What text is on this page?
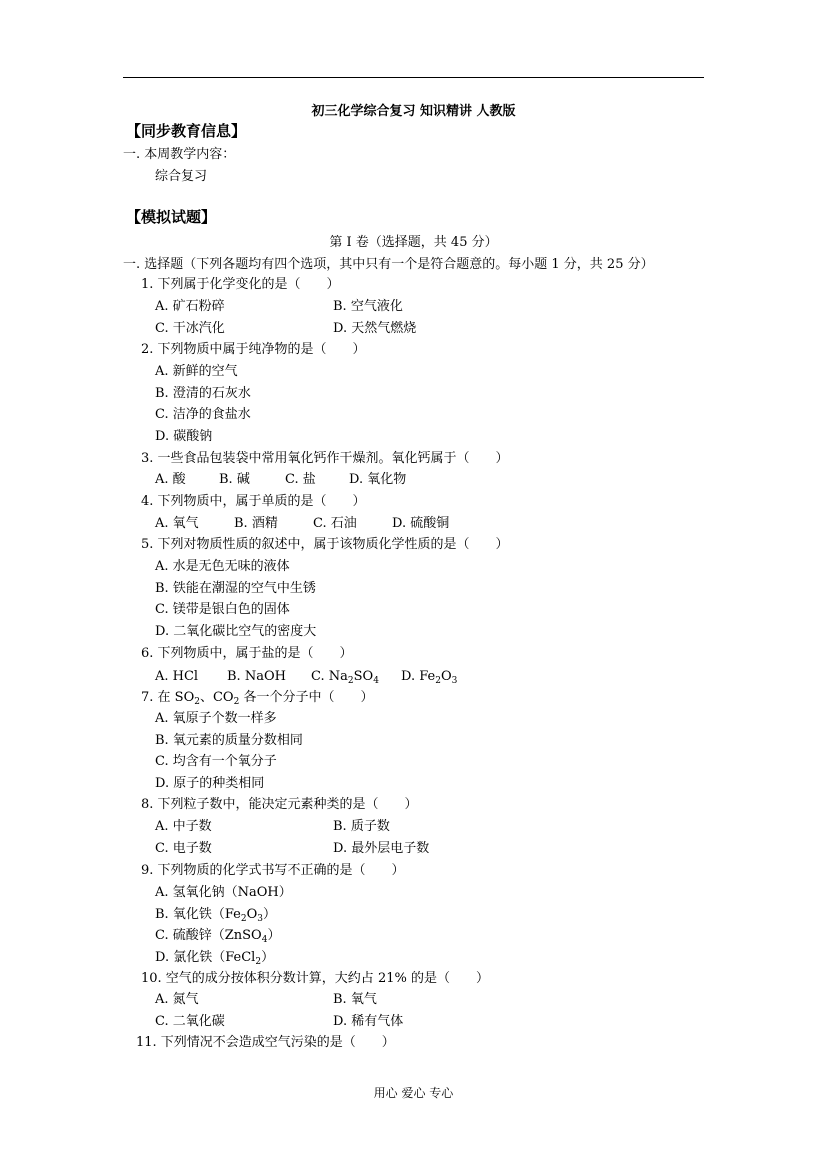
初三化学综合复习 知识精讲 人教版
【同步教育信息】
一. 本周教学内容：
综合复习
【模拟试题】
第 I 卷（选择题，共 45 分）
一. 选择题（下列各题均有四个选项，其中只有一个是符合题意的。每小题 1 分，共 25 分）
1. 下列属于化学变化的是（　　）
A. 矿石粉碎	B. 空气液化
C. 干冰汽化	D. 天然气燃烧
2. 下列物质中属于纯净物的是（　　）
A. 新鲜的空气
B. 澄清的石灰水
C. 洁净的食盐水
D. 碳酸钠
3. 一些食品包装袋中常用氧化钙作干燥剂。氧化钙属于（　　）
A. 酸	B. 碱	C. 盐	D. 氧化物
4. 下列物质中，属于单质的是（　　）
A. 氧气	B. 酒精	C. 石油	D. 硫酸铜
5. 下列对物质性质的叙述中，属于该物质化学性质的是（　　）
A. 水是无色无味的液体
B. 铁能在潮湿的空气中生锈
C. 镁带是银白色的固体
D. 二氧化碳比空气的密度大
6. 下列物质中，属于盐的是（　　）
A. HCl B. NaOH C. $Na_2SO_4$ D. $Fe_2O_3$
7. 在 $SO_2$、$CO_2$ 各一个分子中（　　）
A. 氧原子个数一样多
B. 氧元素的质量分数相同
C. 均含有一个氧分子
D. 原子的种类相同
8. 下列粒子数中，能决定元素种类的是（　　）
A. 中子数	B. 质子数
C. 电子数	D. 最外层电子数
9. 下列物质的化学式书写不正确的是（　　）
A. 氢氧化钠（NaOH）
B. 氧化铁$(Fe_2O_3)$
C. 硫酸锌（ZnSO$_4$）
D. 氯化铁（FeCl$_2$）
10. 空气的成分按体积分数计算，大约占 21% 的是（　　）
A. 氮气	B. 氧气
C. 二氧化碳	D. 稀有气体
11. 下列情况不会造成空气污染的是（　　）
用心 爱心 专心
